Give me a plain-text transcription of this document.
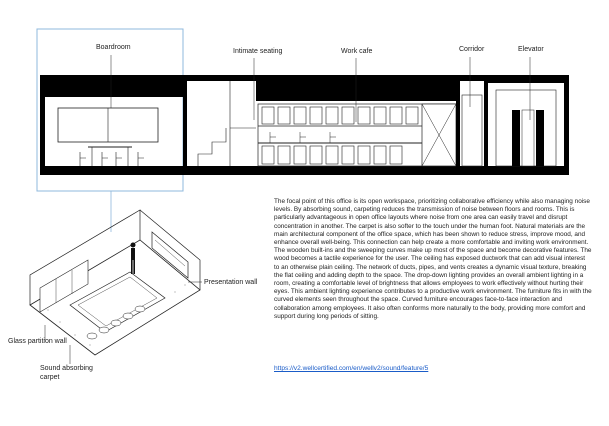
Boardroom
Intimate seating	Work cafe	Corridor	Elevator
Presentation wall
Glass partition wall
Sound absorbing
carpet

The focal point of this office is its open workspace, prioritizing collaborative efficiency while also managing noise levels. By absorbing sound, carpeting reduces the transmission of noise between floors and rooms. This is particularly advantageous in open office layouts where noise from one area can easily travel and disrupt concentration in another. The carpet is also softer to the touch under the human foot. Natural materials are the main architectural component of the office space, which has been shown to reduce stress, improve mood, and enhance overall well-being. This connection can help create a more comfortable and inviting work environment. The wooden built-ins and the sweeping curves make up most of the space and become decorative features. The wood becomes a tactile experience for the user. The ceiling has exposed ductwork that can add visual interest to an otherwise plain ceiling. The network of ducts, pipes, and vents creates a dynamic visual texture, breaking the flat ceiling and adding depth to the space. The drop-down lighting provides an overall ambient lighting in a room, creating a comfortable level of brightness that allows employees to work effectively without hurting their eyes. This ambient lighting experience contributes to a productive work environment. The furniture fits in with the curved elements seen throughout the space. Curved furniture encourages face-to-face interaction and collaboration among employees. It also often conforms more naturally to the body, providing more comfort and support during long periods of sitting.

https://v2.wellcertified.com/en/wellv2/sound/feature/5
